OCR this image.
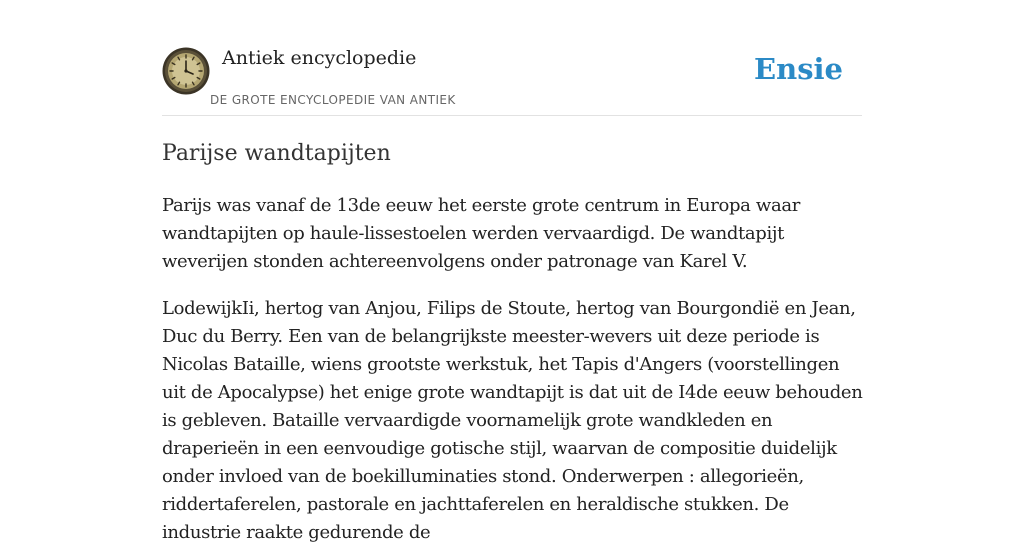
Antiek encyclopedie
DE GROTE ENCYCLOPEDIE VAN ANTIEK
Ensie
Parijse wandtapijten

Parijs was vanaf de 13de eeuw het eerste grote centrum in Europa waar wandtapijten op haule-lissestoelen werden vervaardigd. De wandtapijt weverijen stonden achtereenvolgens onder patronage van Karel V.

LodewijkIi, hertog van Anjou, Filips de Stoute, hertog van Bourgondië en Jean, Duc du Berry. Een van de belangrijkste meester-wevers uit deze periode is Nicolas Bataille, wiens grootste werkstuk, het Tapis d'Angers (voorstellingen uit de Apocalypse) het enige grote wandtapijt is dat uit de I4de eeuw behouden is gebleven. Bataille vervaardigde voornamelijk grote wandkleden en draperieën in een eenvoudige gotische stijl, waarvan de compositie duidelijk onder invloed van de boekilluminaties stond. Onderwerpen : allegorieën, riddertaferelen, pastorale en jachttaferelen en heraldische stukken. De industrie raakte gedurende de
